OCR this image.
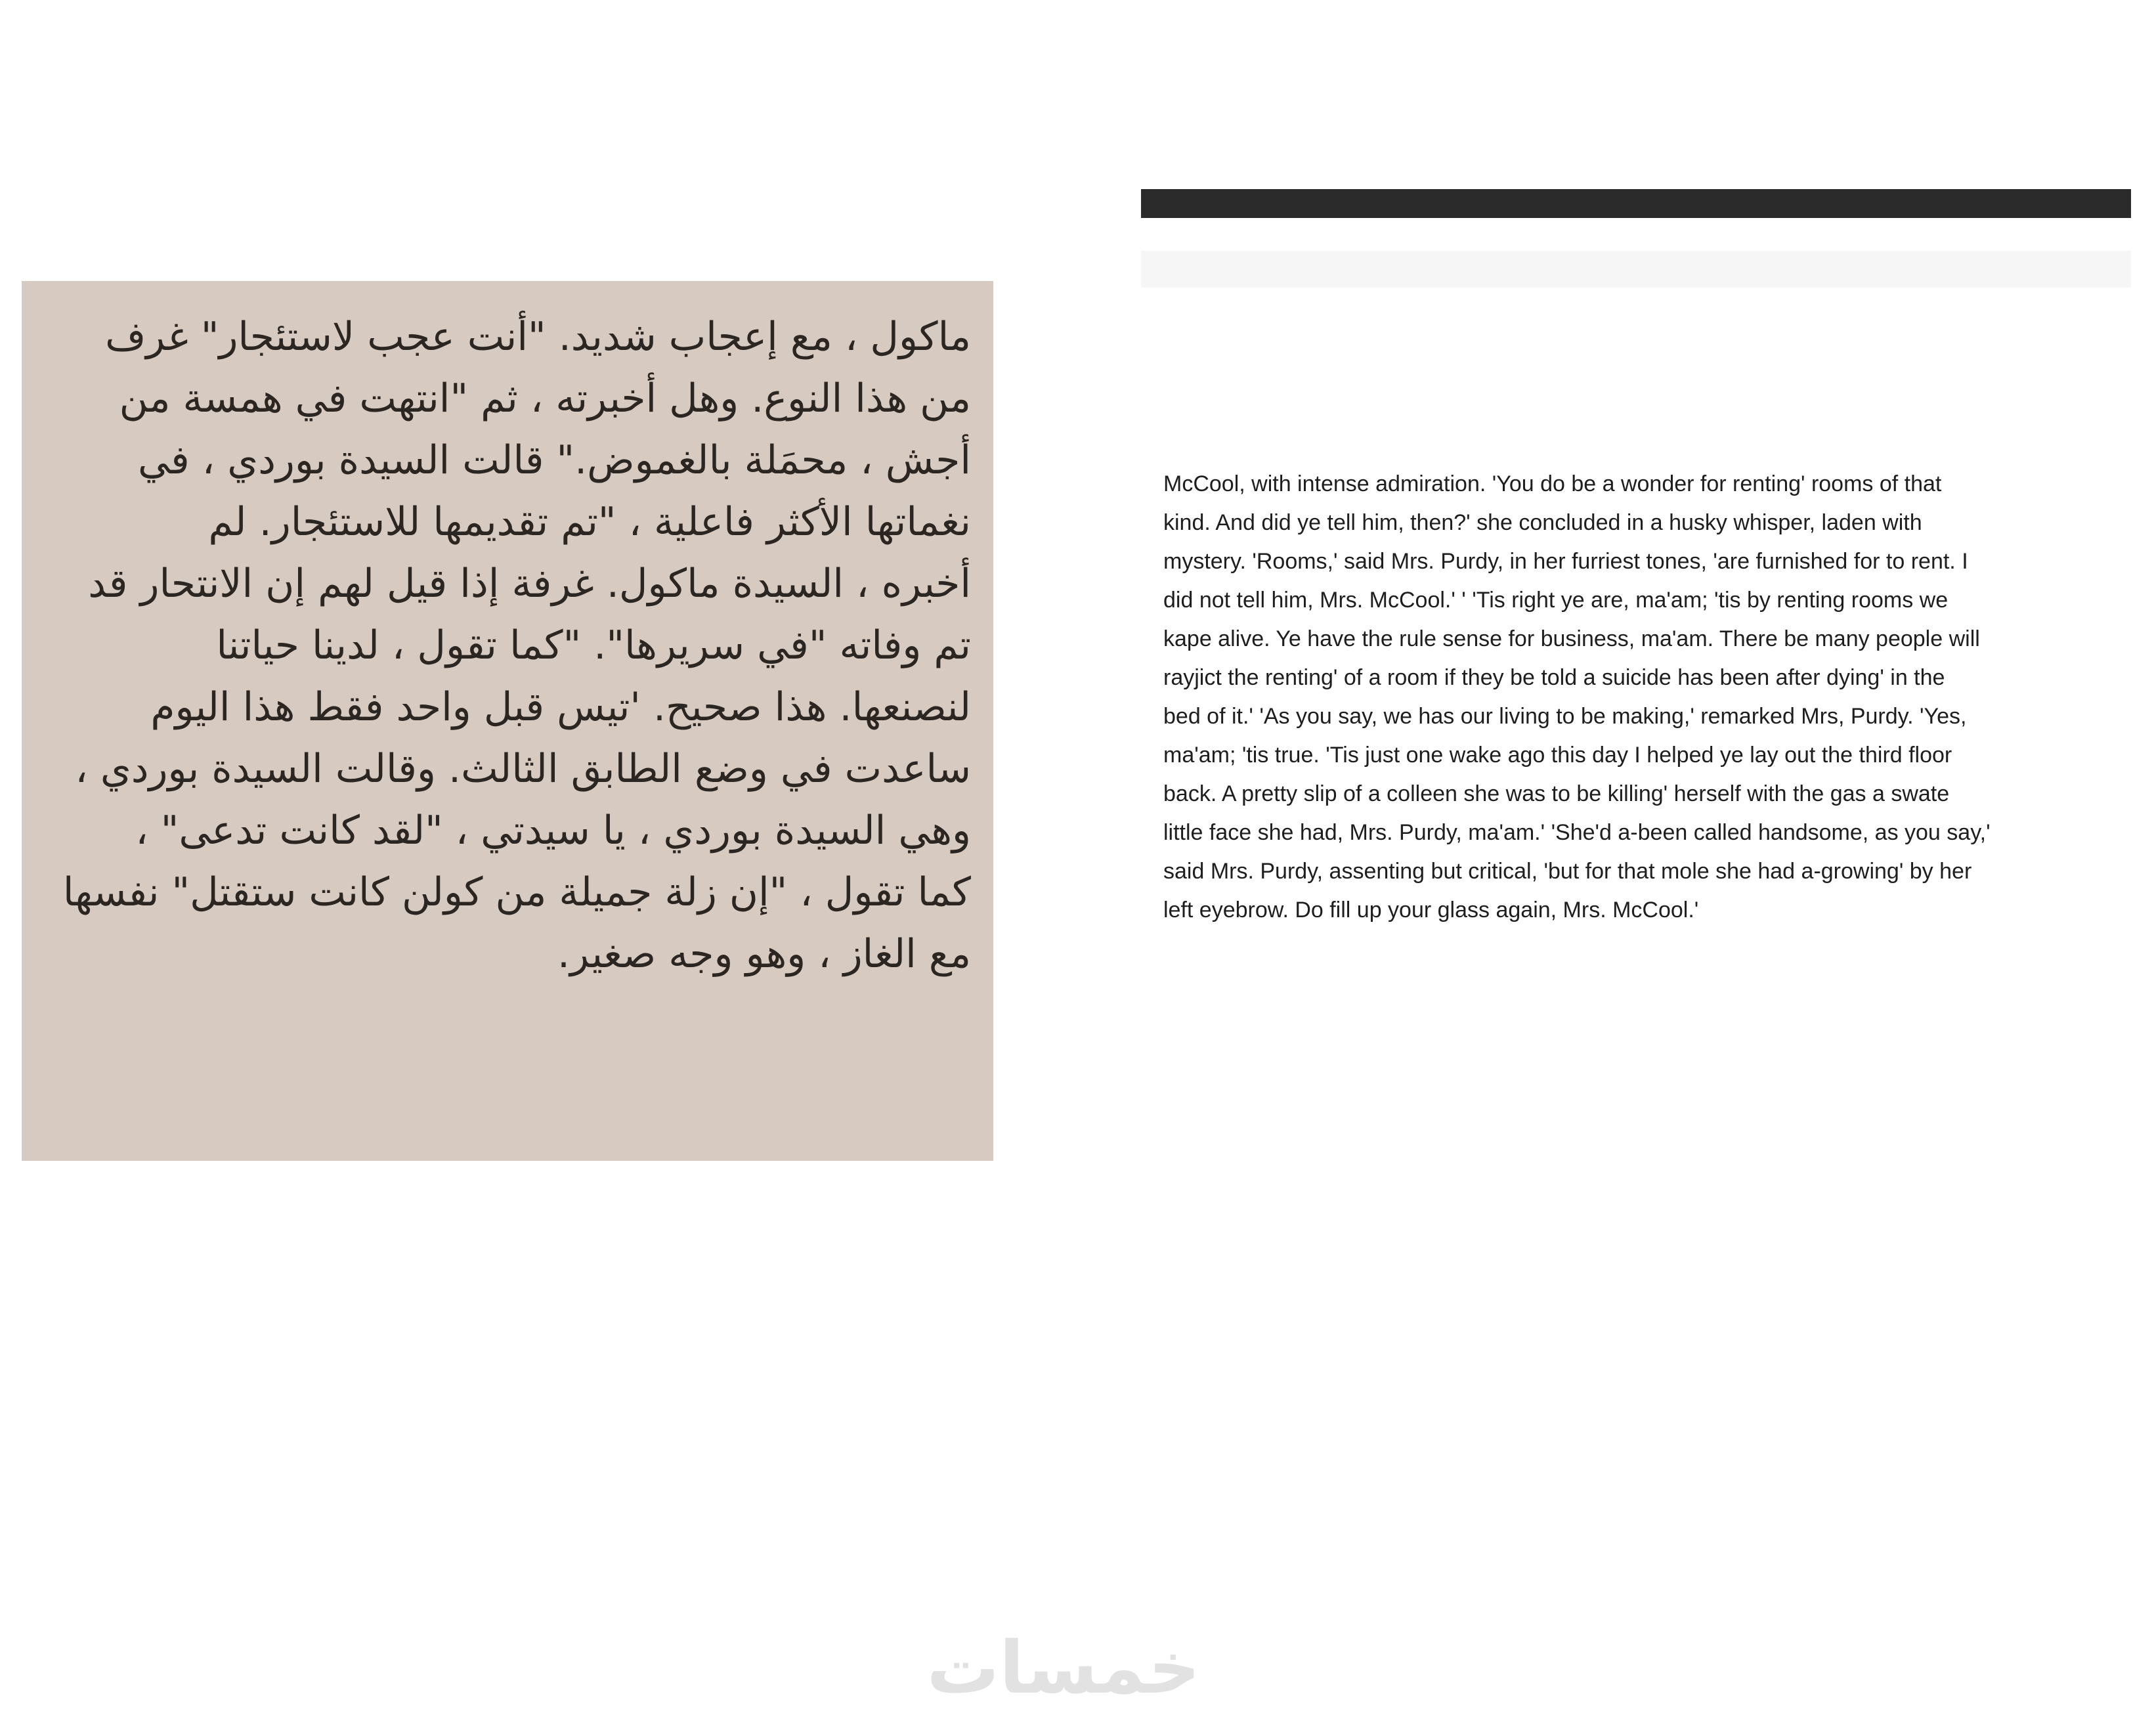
ماكول ، مع إعجاب شديد. "أنت عجب لاستئجار" غرف
من هذا النوع. وهل أخبرته ، ثم "انتهت في همسة من
أجش ، محمَلة بالغموض." قالت السيدة بوردي ، في
نغماتها الأكثر فاعلية ، "تم تقديمها للاستئجار. لم
أخبره ، السيدة ماكول. غرفة إذا قيل لهم إن الانتحار قد
تم وفاته "في سريرها". "كما تقول ، لدينا حياتنا
لنصنعها. هذا صحيح. 'تيس قبل واحد فقط هذا اليوم
ساعدت في وضع الطابق الثالث. وقالت السيدة بوردي ،
وهي السيدة بوردي ، يا سيدتي ، "لقد كانت تدعى" ،
كما تقول ، "إن زلة جميلة من كولن كانت ستقتل" نفسها
مع الغاز ، وهو وجه صغير.

McCool, with intense admiration. 'You do be a wonder for renting' rooms of that
kind. And did ye tell him, then?' she concluded in a husky whisper, laden with
mystery. 'Rooms,' said Mrs. Purdy, in her furriest tones, 'are furnished for to rent. I
did not tell him, Mrs. McCool.' ' 'Tis right ye are, ma'am; 'tis by renting rooms we
kape alive. Ye have the rule sense for business, ma'am. There be many people will
rayjict the renting' of a room if they be told a suicide has been after dying' in the
bed of it.' 'As you say, we has our living to be making,' remarked Mrs, Purdy. 'Yes,
ma'am; 'tis true. 'Tis just one wake ago this day I helped ye lay out the third floor
back. A pretty slip of a colleen she was to be killing' herself with the gas a swate
little face she had, Mrs. Purdy, ma'am.' 'She'd a-been called handsome, as you say,'
said Mrs. Purdy, assenting but critical, 'but for that mole she had a-growing' by her
left eyebrow. Do fill up your glass again, Mrs. McCool.'

خمسات
